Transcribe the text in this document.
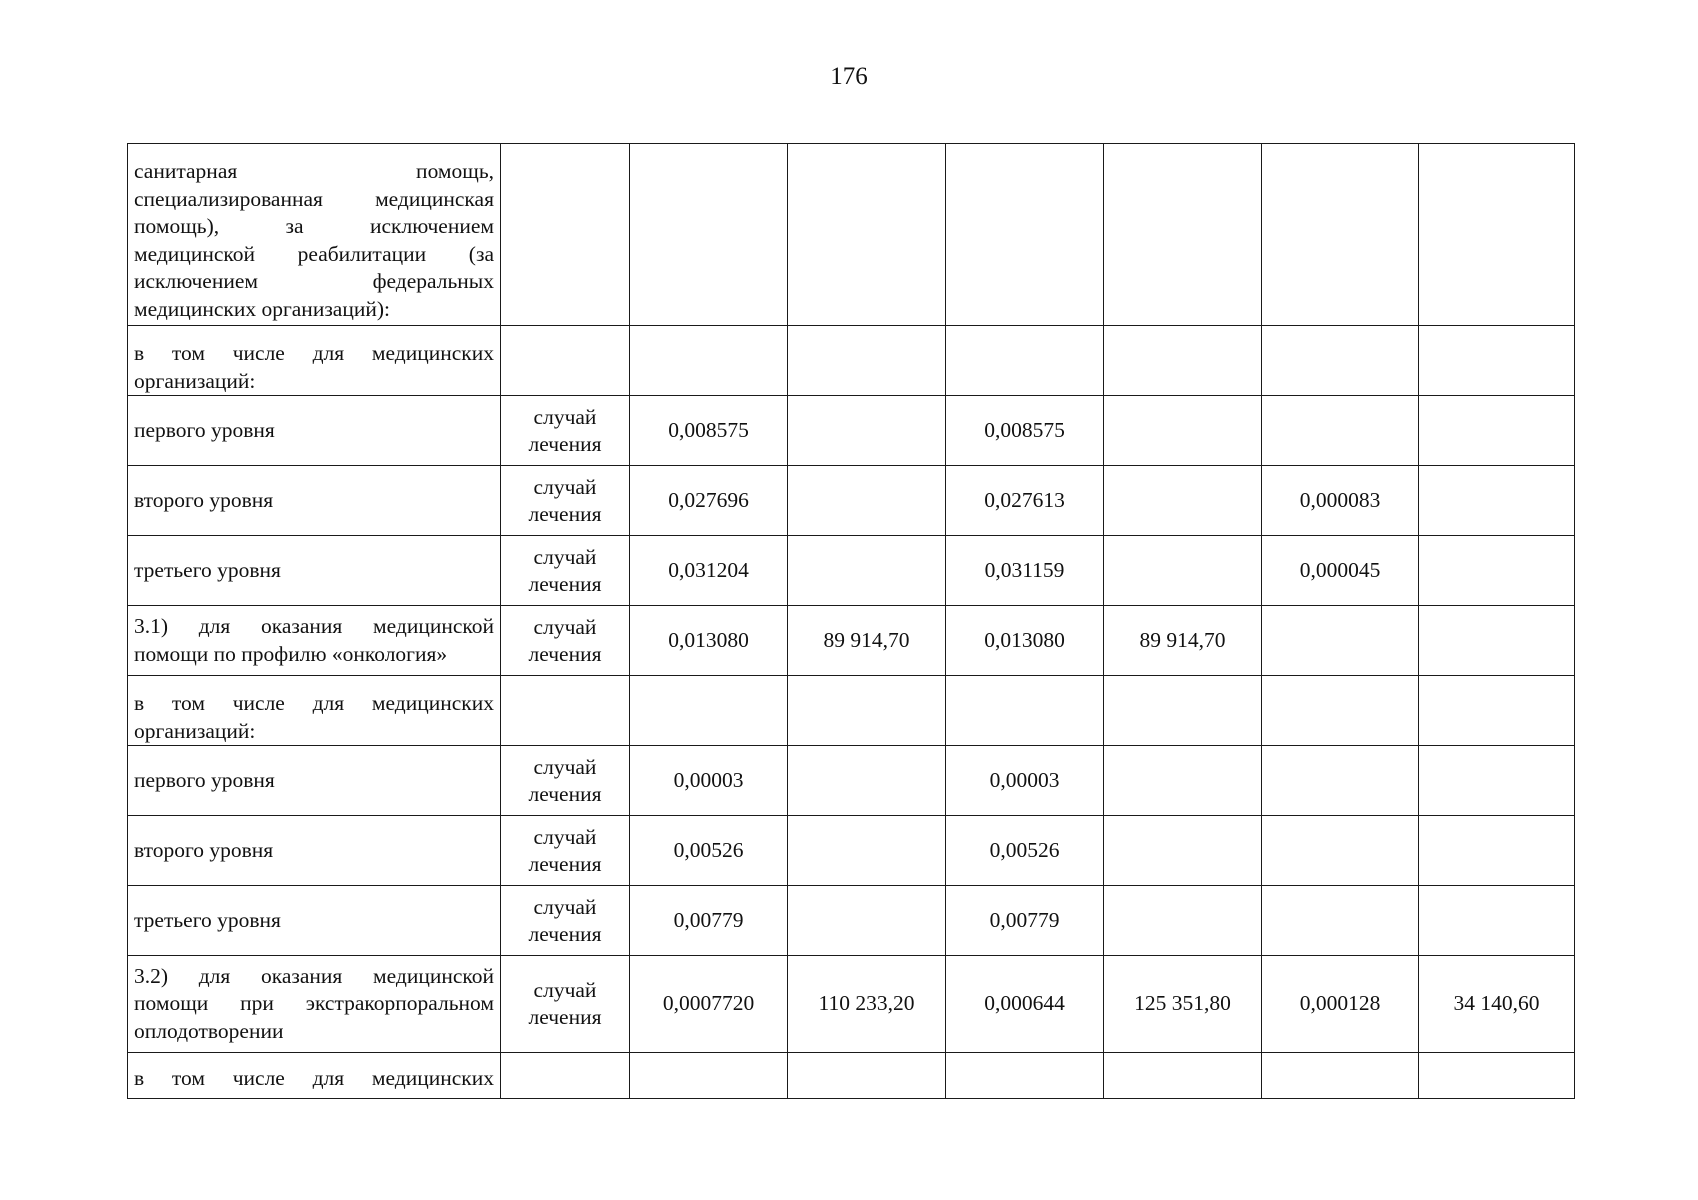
176
санитарная помощь, специализированная медицинская помощь), за исключением медицинской реабилитации (за исключением федеральных медицинских организаций):							
в том числе для медицинских организаций:							
первого уровня	случай лечения	0,008575		0,008575			
второго уровня	случай лечения	0,027696		0,027613		0,000083	
третьего уровня	случай лечения	0,031204		0,031159		0,000045	
3.1) для оказания медицинской помощи по профилю «онкология»	случай лечения	0,013080	89 914,70	0,013080	89 914,70		
в том числе для медицинских организаций:							
первого уровня	случай лечения	0,00003		0,00003			
второго уровня	случай лечения	0,00526		0,00526			
третьего уровня	случай лечения	0,00779		0,00779			
3.2) для оказания медицинской помощи при экстракорпоральном оплодотворении	случай лечения	0,0007720	110 233,20	0,000644	125 351,80	0,000128	34 140,60
в том числе для медицинских							
